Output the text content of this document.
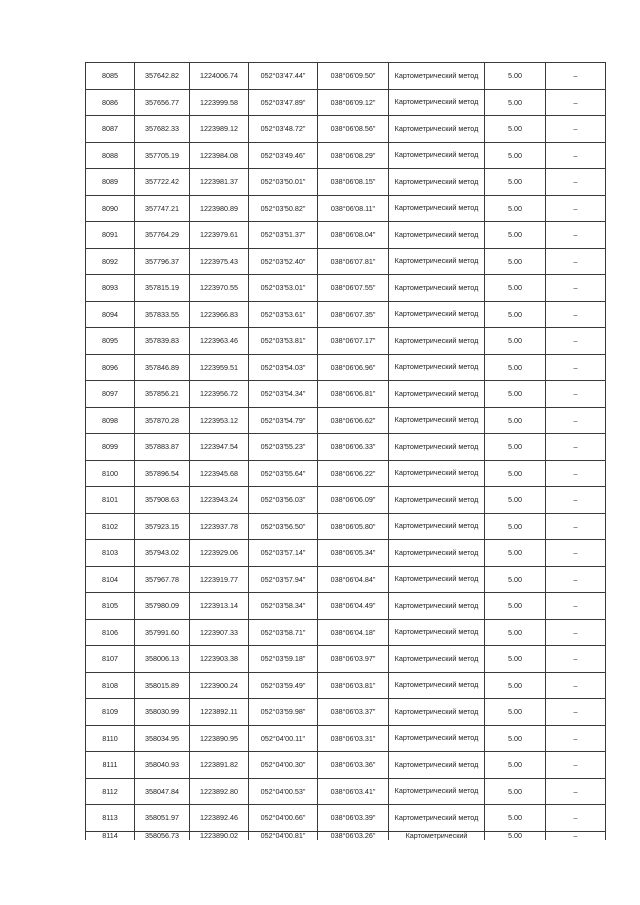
8085	357642.82	1224006.74	052°03'47.44"	038°06'09.50"	Картометрический метод	5.00	–
8086	357656.77	1223999.58	052°03'47.89"	038°06'09.12"	Картометрический метод	5.00	–
8087	357682.33	1223989.12	052°03'48.72"	038°06'08.56"	Картометрический метод	5.00	–
8088	357705.19	1223984.08	052°03'49.46"	038°06'08.29"	Картометрический метод	5.00	–
8089	357722.42	1223981.37	052°03'50.01"	038°06'08.15"	Картометрический метод	5.00	–
8090	357747.21	1223980.89	052°03'50.82"	038°06'08.11"	Картометрический метод	5.00	–
8091	357764.29	1223979.61	052°03'51.37"	038°06'08.04"	Картометрический метод	5.00	–
8092	357796.37	1223975.43	052°03'52.40"	038°06'07.81"	Картометрический метод	5.00	–
8093	357815.19	1223970.55	052°03'53.01"	038°06'07.55"	Картометрический метод	5.00	–
8094	357833.55	1223966.83	052°03'53.61"	038°06'07.35"	Картометрический метод	5.00	–
8095	357839.83	1223963.46	052°03'53.81"	038°06'07.17"	Картометрический метод	5.00	–
8096	357846.89	1223959.51	052°03'54.03"	038°06'06.96"	Картометрический метод	5.00	–
8097	357856.21	1223956.72	052°03'54.34"	038°06'06.81"	Картометрический метод	5.00	–
8098	357870.28	1223953.12	052°03'54.79"	038°06'06.62"	Картометрический метод	5.00	–
8099	357883.87	1223947.54	052°03'55.23"	038°06'06.33"	Картометрический метод	5.00	–
8100	357896.54	1223945.68	052°03'55.64"	038°06'06.22"	Картометрический метод	5.00	–
8101	357908.63	1223943.24	052°03'56.03"	038°06'06.09"	Картометрический метод	5.00	–
8102	357923.15	1223937.78	052°03'56.50"	038°06'05.80"	Картометрический метод	5.00	–
8103	357943.02	1223929.06	052°03'57.14"	038°06'05.34"	Картометрический метод	5.00	–
8104	357967.78	1223919.77	052°03'57.94"	038°06'04.84"	Картометрический метод	5.00	–
8105	357980.09	1223913.14	052°03'58.34"	038°06'04.49"	Картометрический метод	5.00	–
8106	357991.60	1223907.33	052°03'58.71"	038°06'04.18"	Картометрический метод	5.00	–
8107	358006.13	1223903.38	052°03'59.18"	038°06'03.97"	Картометрический метод	5.00	–
8108	358015.89	1223900.24	052°03'59.49"	038°06'03.81"	Картометрический метод	5.00	–
8109	358030.99	1223892.11	052°03'59.98"	038°06'03.37"	Картометрический метод	5.00	–
8110	358034.95	1223890.95	052°04'00.11"	038°06'03.31"	Картометрический метод	5.00	–
8111	358040.93	1223891.82	052°04'00.30"	038°06'03.36"	Картометрический метод	5.00	–
8112	358047.84	1223892.80	052°04'00.53"	038°06'03.41"	Картометрический метод	5.00	–
8113	358051.97	1223892.46	052°04'00.66"	038°06'03.39"	Картометрический метод	5.00	–
8114	358056.73	1223890.02	052°04'00.81"	038°06'03.26"	Картометрический	5.00	–
